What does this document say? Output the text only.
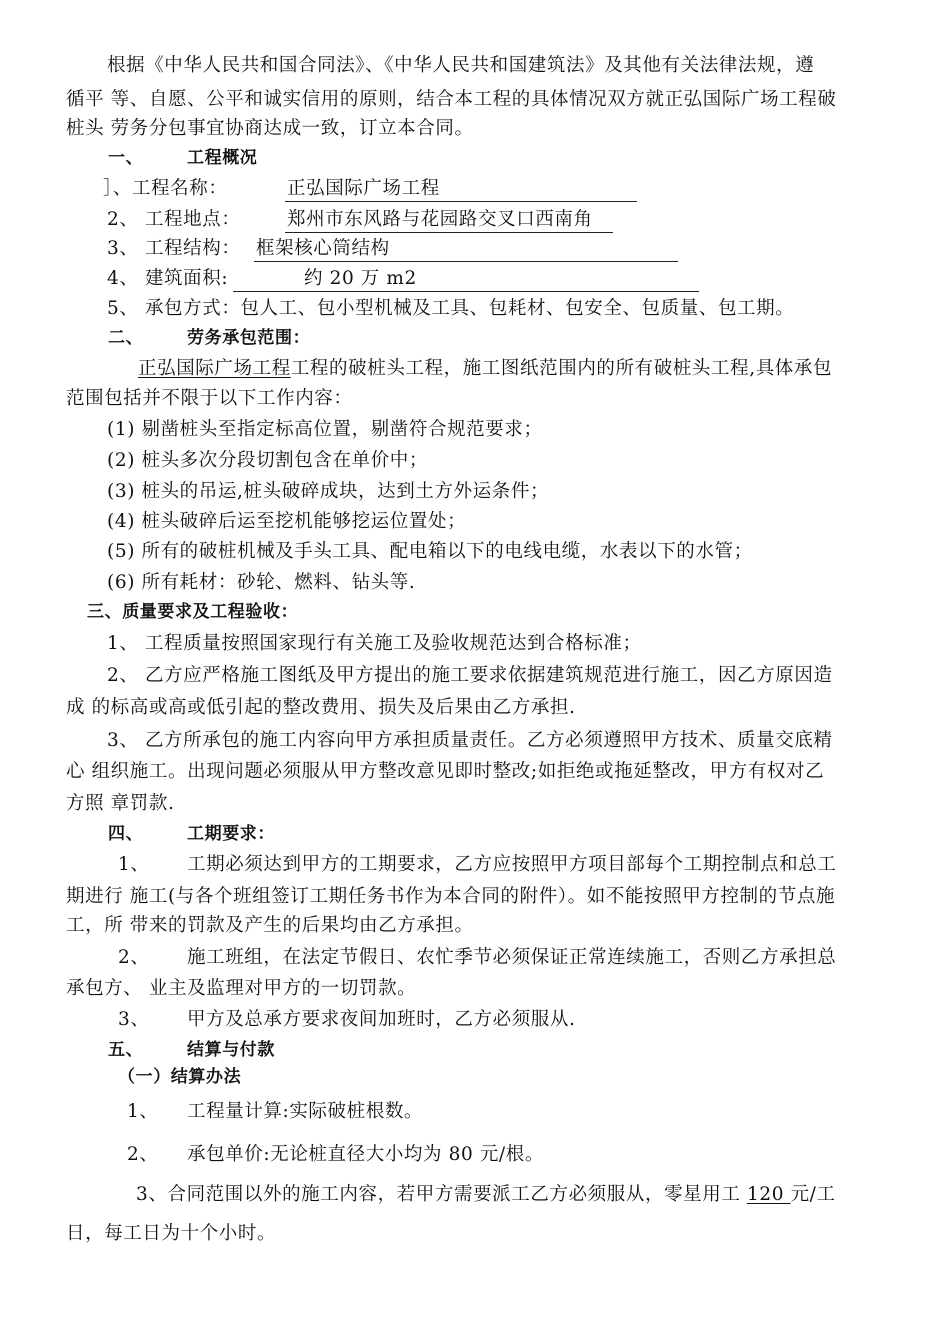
根据《中华人民共和国合同法》、《中华人民共和国建筑法》及其他有关法律法规，遵
循平 等、自愿、公平和诚实信用的原则，结合本工程的具体情况双方就正弘国际广场工程破
桩头 劳务分包事宜协商达成一致，订立本合同。
一、	工程概况
］、工程名称：	正弘国际广场工程
2、 工程地点：	郑州市东风路与花园路交叉口西南角
3、 工程结构： 框架核心筒结构
4、 建筑面积:	约 20 万 m2
5、 承包方式：包人工、包小型机械及工具、包耗材、包安全、包质量、包工期。
二、	劳务承包范围：
正弘国际广场工程工程的破桩头工程，施工图纸范围内的所有破桩头工程,具体承包
范围包括并不限于以下工作内容：
(1) 剔凿桩头至指定标高位置，剔凿符合规范要求；
(2) 桩头多次分段切割包含在单价中；
(3) 桩头的吊运,桩头破碎成块，达到土方外运条件；
(4) 桩头破碎后运至挖机能够挖运位置处；
(5) 所有的破桩机械及手头工具、配电箱以下的电线电缆，水表以下的水管；
(6) 所有耗材：砂轮、燃料、钻头等.
三、质量要求及工程验收：
1、 工程质量按照国家现行有关施工及验收规范达到合格标准；
2、 乙方应严格施工图纸及甲方提出的施工要求依据建筑规范进行施工，因乙方原因造
成 的标高或高或低引起的整改费用、损失及后果由乙方承担.
3、 乙方所承包的施工内容向甲方承担质量责任。乙方必须遵照甲方技术、质量交底精
心 组织施工。出现问题必须服从甲方整改意见即时整改;如拒绝或拖延整改，甲方有权对乙
方照 章罚款.
四、	工期要求：
1、 工期必须达到甲方的工期要求，乙方应按照甲方项目部每个工期控制点和总工
期进行 施工(与各个班组签订工期任务书作为本合同的附件）。如不能按照甲方控制的节点施
工，所 带来的罚款及产生的后果均由乙方承担。
2、 施工班组，在法定节假日、农忙季节必须保证正常连续施工，否则乙方承担总
承包方、 业主及监理对甲方的一切罚款。
3、 甲方及总承方要求夜间加班时，乙方必须服从.
五、	结算与付款
（一）结算办法
1、 工程量计算:实际破桩根数。
2、 承包单价:无论桩直径大小均为 80 元/根。
3、合同范围以外的施工内容，若甲方需要派工乙方必须服从，零星用工 120 元/工
日，每工日为十个小时。
